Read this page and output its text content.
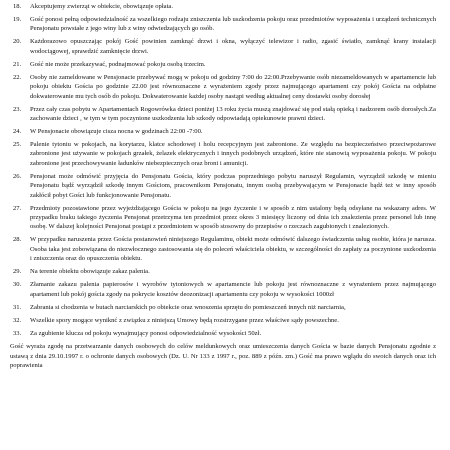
18.	Akceptujemy zwierząt w obiekcie, obowiązuje opłata.
19.	Gość ponosi pełną odpowiedzialność za wszelkiego rodzaju zniszczenia lub uszkodzenia pokoju oraz przedmiotów wyposażenia i urządzeń technicznych Pensjonatu powstałe z jego winy lub z winy odwiedzających go osób.
20.	Każdorazowo opuszczając pokój Gość powinien zamknąć drzwi i okna, wyłączyć telewizor i radio, zgasić światło, zamknąć krany instalacji wodociągowej, sprawdzić zamknięcie drzwi.
21.	Gość nie może przekazywać, podnajmować pokoju osobą trzecim.
22.	Osoby nie zameldowane w Pensjonacie przebywać mogą w pokoju od godziny 7:00 do 22:00.Przebywanie osób niezameldowanych w apartamencie lub pokoju obiektu Gościa po godzinie 22.00 jest równoznaczne z wyrażeniem zgody przez najmującego apartament czy pokój Gościa na odpłatne dokwaterowanie mu tych osób do pokoju. Dokwaterowanie każdej osoby nastąpi według aktualnej ceny dostawki osoby dorosłej
23.	Przez cały czas pobytu w Apartamentach Rogowrówka dzieci poniżej 13 roku życia muszą znajdować się pod stałą opieką i nadzorem osób dorosłych.Za zachowanie dzieci , w tym w tym poczynione uszkodzenia lub szkody odpowiadają opiekunowie prawni dzieci.
24.	W Pensjonacie obowiązuje cisza nocna w godzinach 22:00 -7:00.
25.	Palenie tytoniu w pokojach, na korytarzu, klatce schodowej i holu recepcyjnym jest zabronione. Ze względu na bezpieczeństwo przeciwpożarowe zabronione jest używanie w pokojach grzałek, żelazek elektrycznych i innych podobnych urządzeń, które nie stanowią wyposażenia pokoju. W pokoju zabronione jest przechowywanie ładunków niebezpiecznych oraz broni i amunicji.
26.	Pensjonat może odmówić przyjęcia do Pensjonatu Gościa, który podczas poprzedniego pobytu naruszył Regulamin, wyrządził szkodę w mieniu Pensjonatu bądź wyrządził szkodę innym Gościom, pracownikom Pensjonatu, innym osobą przebywającym w Pensjonacie bądź też w inny sposób zakłócił pobyt Gości lub funkcjonowanie Pensjonatu.
27.	Przedmioty pozostawione przez wyjeżdżającego Gościa w pokoju na jego życzenie i w sposób z nim ustalony będą odsyłane na wskazany adres. W przypadku braku takiego życzenia Pensjonat przetrzyma ten przedmiot przez okres 3 miesięcy liczony od dnia ich znalezienia przez personel lub innę osobę. W dalszej kolejności Pensjonat postąpi z przedmiotem w sposób stosowny do przepisów o rzeczach zagubionych i znalezionych.
28.	W przypadku naruszenia przez Gościa postanowień niniejszego Regulaminu, obiekt może odmówić dalszego świadczenia usług osobie, która je narusza. Osoba taka jest zobowiązana do niezwłocznego zastosowania się do poleceń właściciela obiektu, w szczególności do zapłaty za poczynione uszkodzenia i zniszczenia oraz do opuszczenia obiektu.
29.	Na terenie obiektu obowiązuje zakaz palenia.
30.	Złamanie zakazu palenia papierosów i wyrobów tytoniowych w apartamencie lub pokoju jest równoznaczne z wyrażeniem przez najmującego apartament lub pokój gościa zgody na pokrycie kosztów deozonizacji apartamentu czy pokoju w wysokości 1000zł
31.	Zabrania si chodzenia w butach narciarskich po obiekcie oraz wnoszenia sprzętu do pomieszczeń innych niż narciarnia,
32.	Wszelkie spory mogące wyniknć z związku z niniejszą Umowy będą rozstrzygane przez właściwe sądy powszechne.
33.	Za zgubienie klucza od pokoju wynajmujący ponosi odpowiedzialność wysokości 50zł.

Gość wyraża zgodę na przetwarzanie danych osobowych do celów meldunkowych oraz umieszczenia danych Gościa w bazie danych Pensjonatu zgodnie z ustawą z dnia 29.10.1997 r. o ochronie danych osobowych (Dz. U. Nr 133 z 1997 r., poz. 889 z późn. zm.) Gość ma prawo wglądu do swoich danych oraz ich poprawienia
